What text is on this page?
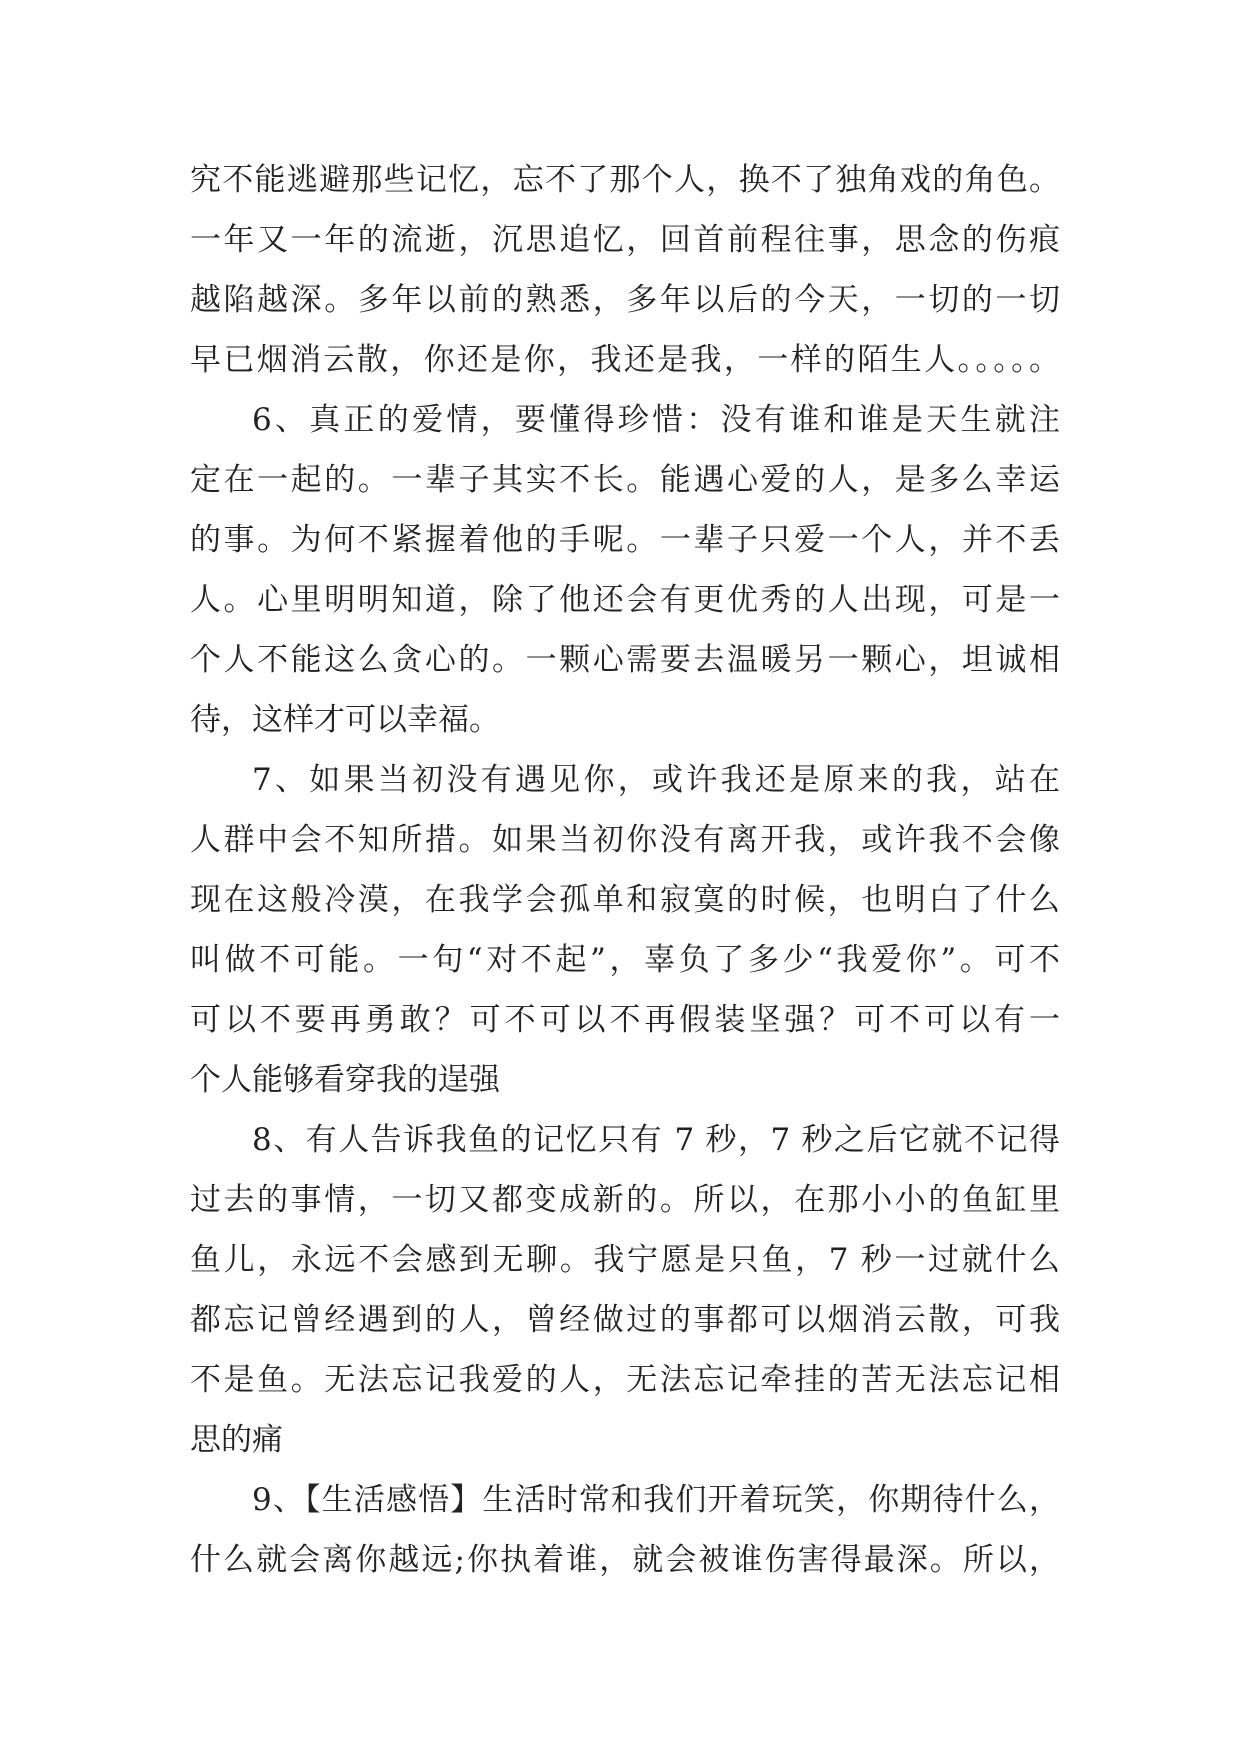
究不能逃避那些记忆，忘不了那个人，换不了独角戏的角色。
一年又一年的流逝，沉思追忆，回首前程往事，思念的伤痕
越陷越深。多年以前的熟悉，多年以后的今天，一切的一切
早已烟消云散，你还是你，我还是我，一样的陌生人。。。。。
6、真正的爱情，要懂得珍惜：没有谁和谁是天生就注
定在一起的。一辈子其实不长。能遇心爱的人，是多么幸运
的事。为何不紧握着他的手呢。一辈子只爱一个人，并不丢
人。心里明明知道，除了他还会有更优秀的人出现，可是一
个人不能这么贪心的。一颗心需要去温暖另一颗心，坦诚相
待，这样才可以幸福。
7、如果当初没有遇见你，或许我还是原来的我，站在
人群中会不知所措。如果当初你没有离开我，或许我不会像
现在这般冷漠，在我学会孤单和寂寞的时候，也明白了什么
叫做不可能。一句“对不起”，辜负了多少“我爱你”。可不
可以不要再勇敢？可不可以不再假装坚强？可不可以有一
个人能够看穿我的逞强
8、有人告诉我鱼的记忆只有 7 秒，7 秒之后它就不记得
过去的事情，一切又都变成新的。所以，在那小小的鱼缸里
鱼儿，永远不会感到无聊。我宁愿是只鱼，7 秒一过就什么
都忘记曾经遇到的人，曾经做过的事都可以烟消云散，可我
不是鱼。无法忘记我爱的人，无法忘记牵挂的苦无法忘记相
思的痛
9、【生活感悟】生活时常和我们开着玩笑，你期待什么，
什么就会离你越远;你执着谁，就会被谁伤害得最深。所以，
